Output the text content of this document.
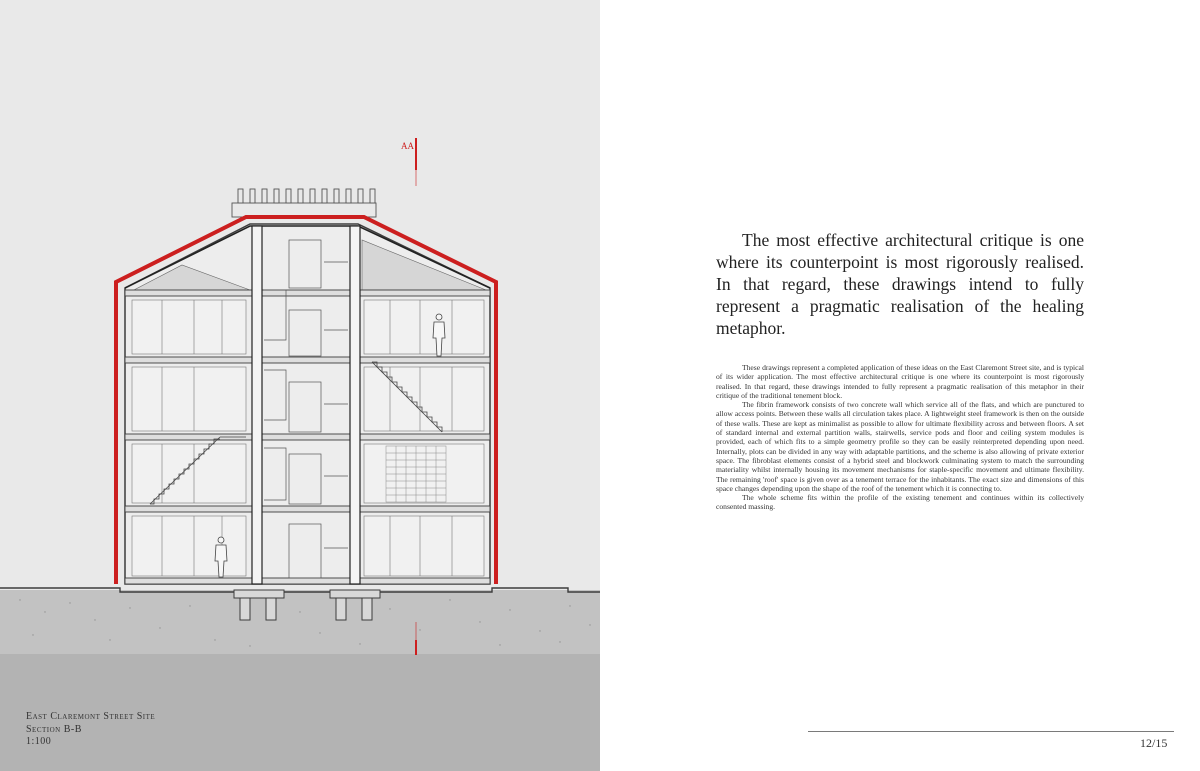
AA
East Claremont Street Site
Section B-B
1:100

The most effective architectural critique is one where its counterpoint is most rigorously realised. In that regard, these drawings intend to fully represent a pragmatic realisation of the healing metaphor.

These drawings represent a completed application of these ideas on the East Claremont Street site, and is typical of its wider application. The most effective architectural critique is one where its counterpoint is most rigorously realised. In that regard, these drawings intended to fully represent a pragmatic realisation of this metaphor in their critique of the traditional tenement block.

The fibrin framework consists of two concrete wall which service all of the flats, and which are punctured to allow access points. Between these walls all circulation takes place. A lightweight steel framework is then on the outside of these walls. These are kept as minimalist as possible to allow for ultimate flexibility across and between floors. A set of standard internal and external partition walls, stairwells, service pods and floor and ceiling system modules is provided, each of which fits to a simple geometry profile so they can be easily reinterpreted depending upon need. Internally, plots can be divided in any way with adaptable partitions, and the scheme is also allowing of private exterior space. The fibroblast elements consist of a hybrid steel and blockwork culminating system to match the surrounding materiality whilst internally housing its movement mechanisms for staple-specific movement and ultimate flexibility. The remaining 'roof' space is given over as a tenement terrace for the inhabitants. The exact size and dimensions of this space changes depending upon the shape of the roof of the tenement which it is connecting to.

The whole scheme fits within the profile of the existing tenement and continues within its collectively consented massing.

12/15
